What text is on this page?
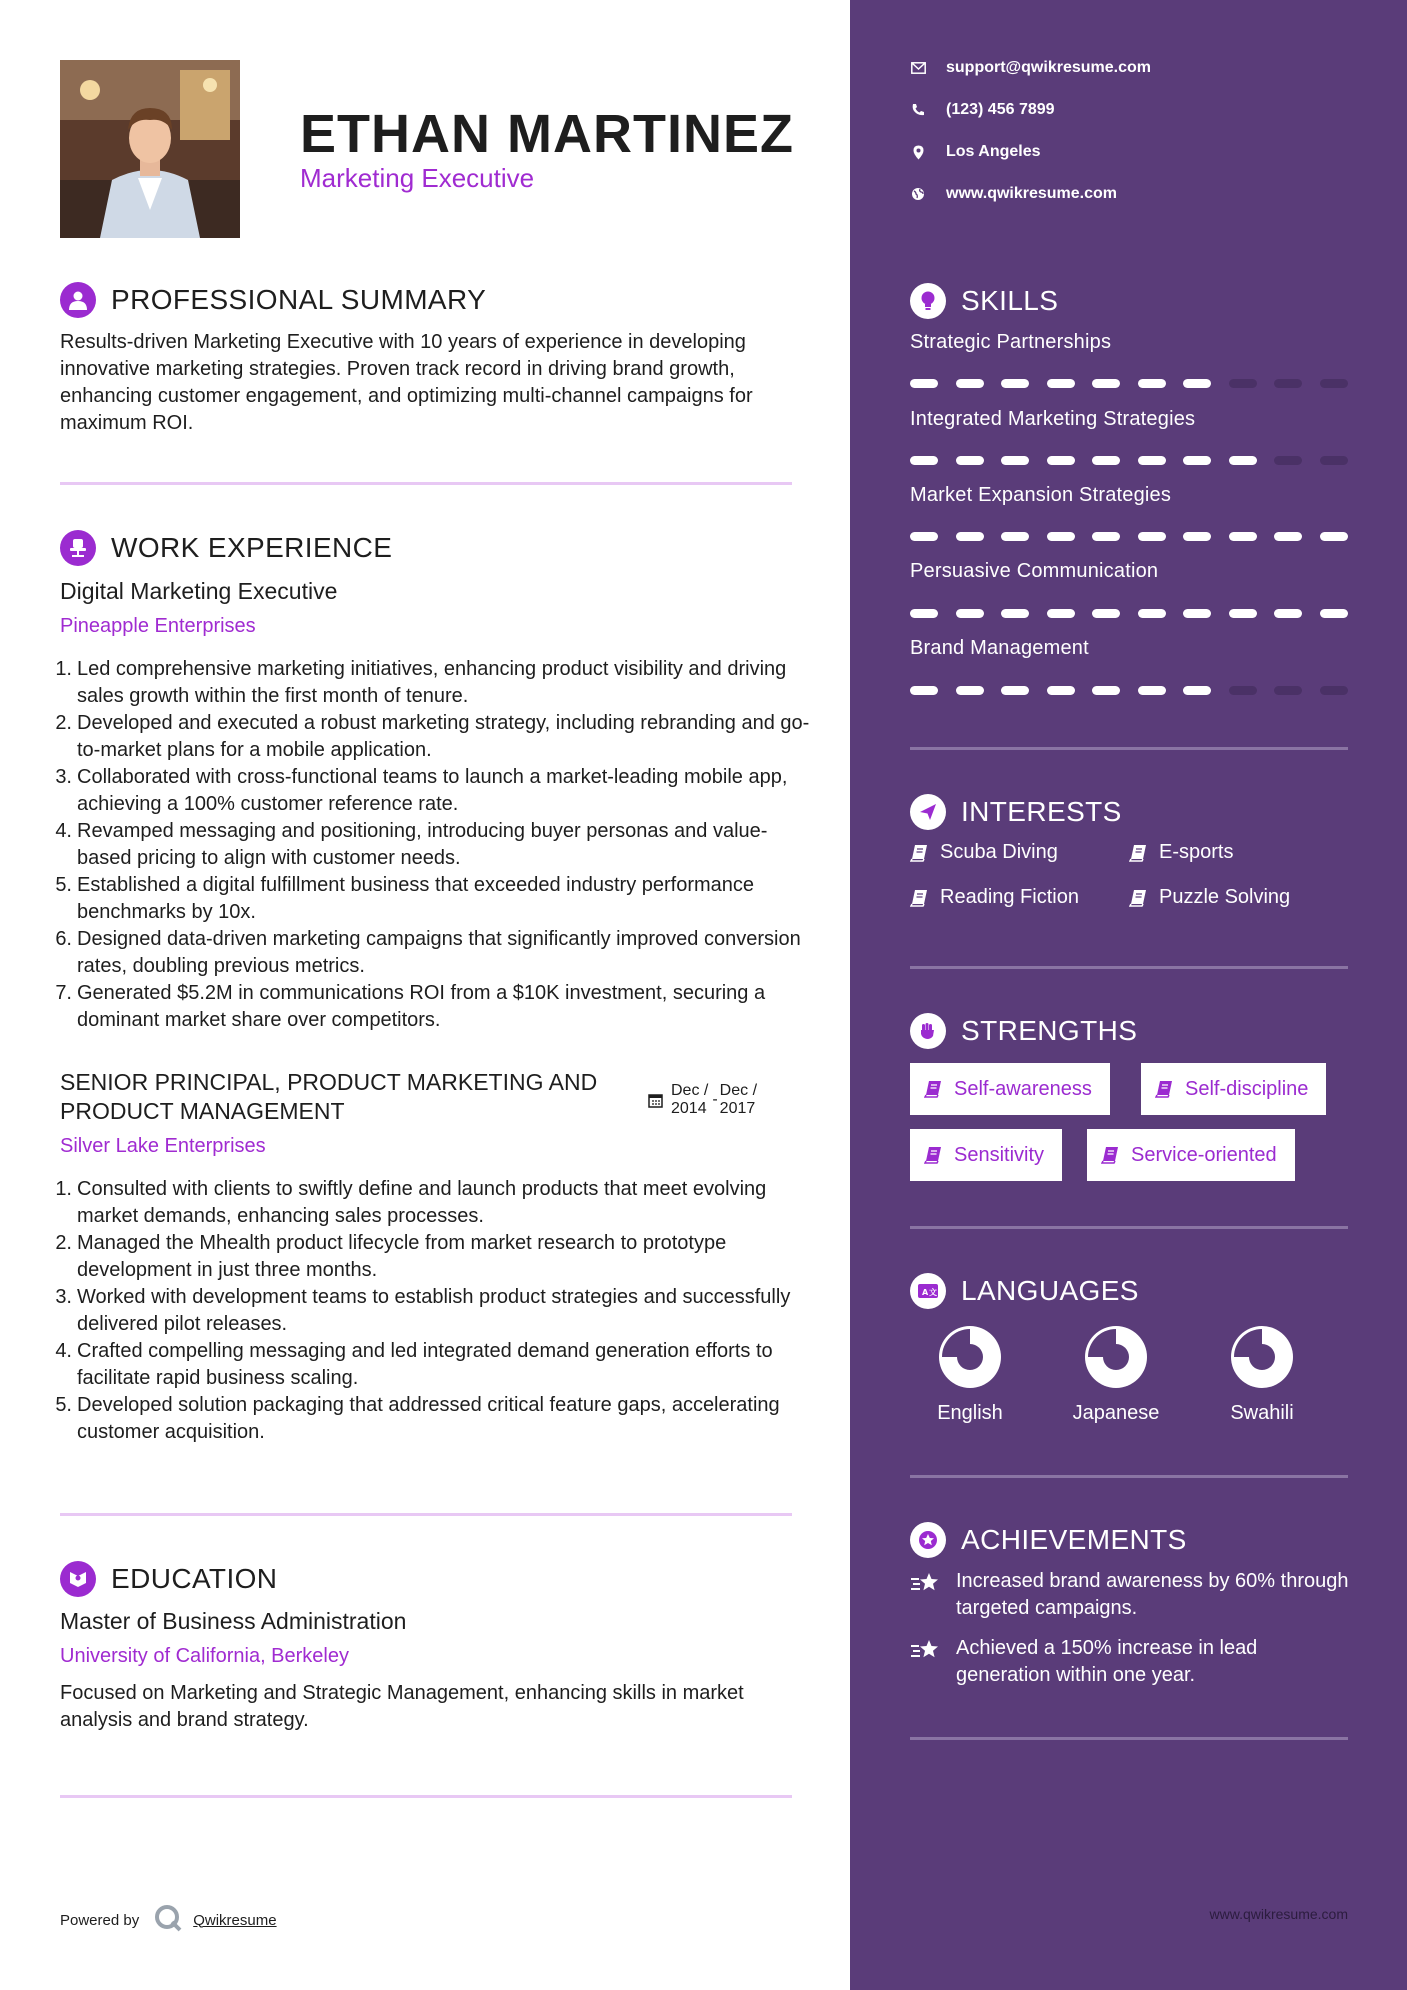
ETHAN MARTINEZ
Marketing Executive
PROFESSIONAL SUMMARY
Results-driven Marketing Executive with 10 years of experience in developing innovative marketing strategies. Proven track record in driving brand growth, enhancing customer engagement, and optimizing multi-channel campaigns for maximum ROI.
WORK EXPERIENCE
Digital Marketing Executive
Pineapple Enterprises
1. Led comprehensive marketing initiatives, enhancing product visibility and driving sales growth within the first month of tenure.
2. Developed and executed a robust marketing strategy, including rebranding and go-to-market plans for a mobile application.
3. Collaborated with cross-functional teams to launch a market-leading mobile app, achieving a 100% customer reference rate.
4. Revamped messaging and positioning, introducing buyer personas and value-based pricing to align with customer needs.
5. Established a digital fulfillment business that exceeded industry performance benchmarks by 10x.
6. Designed data-driven marketing campaigns that significantly improved conversion rates, doubling previous metrics.
7. Generated $5.2M in communications ROI from a $10K investment, securing a dominant market share over competitors.
SENIOR PRINCIPAL, PRODUCT MARKETING AND PRODUCT MANAGEMENT
Dec /
2014
-
Dec /
2017
Silver Lake Enterprises
1. Consulted with clients to swiftly define and launch products that meet evolving market demands, enhancing sales processes.
2. Managed the Mhealth product lifecycle from market research to prototype development in just three months.
3. Worked with development teams to establish product strategies and successfully delivered pilot releases.
4. Crafted compelling messaging and led integrated demand generation efforts to facilitate rapid business scaling.
5. Developed solution packaging that addressed critical feature gaps, accelerating customer acquisition.
EDUCATION
Master of Business Administration
University of California, Berkeley
Focused on Marketing and Strategic Management, enhancing skills in market analysis and brand strategy.
Powered by	Qwikresume
support@qwikresume.com
(123) 456 7899
Los Angeles
www.qwikresume.com
SKILLS
Strategic Partnerships
Integrated Marketing Strategies
Market Expansion Strategies
Persuasive Communication
Brand Management
INTERESTS
Scuba Diving	E-sports
Reading Fiction	Puzzle Solving
STRENGTHS
Self-awareness	Self-discipline
Sensitivity	Service-oriented
A 文 LANGUAGES
English	Japanese	Swahili
ACHIEVEMENTS
Increased brand awareness by 60% through targeted campaigns.
Achieved a 150% increase in lead generation within one year.
www.qwikresume.com
